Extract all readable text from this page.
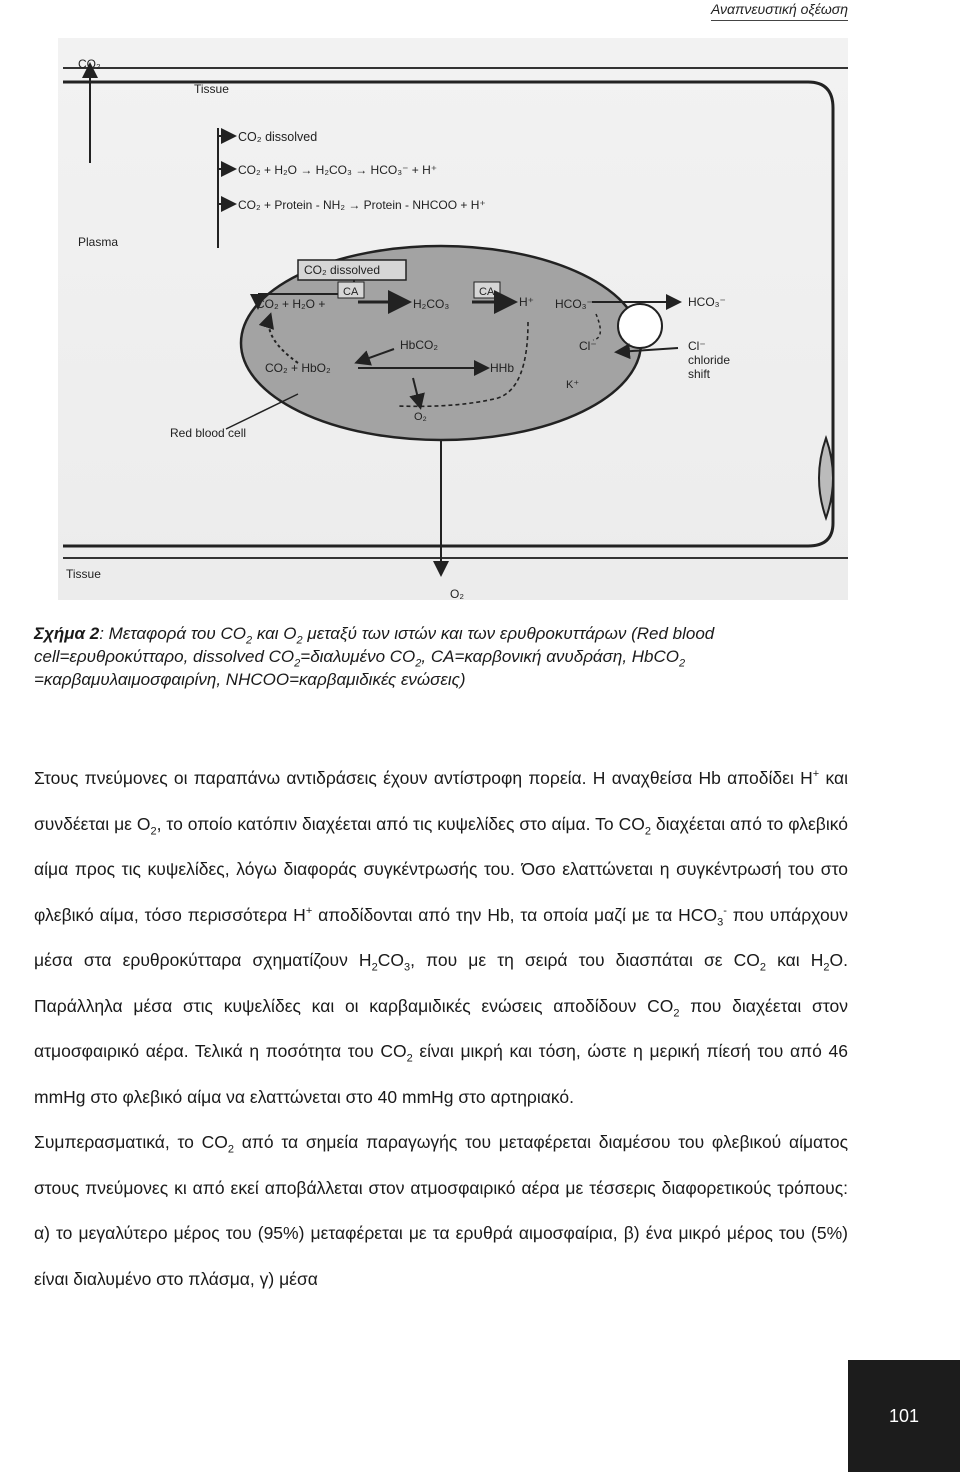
Αναπνευστική οξέωση
CO₂
Tissue
Plasma
Red blood cell
Tissue
O₂
CO₂ dissolved
CO₂ + H₂O → H₂CO₃ → HCO₃⁻ + H⁺
CO₂ + Protein - NH₂ → Protein - NHCOO + H⁺
CO₂ dissolved
CO₂ + H₂O +
CA
H₂CO₃
CA
H⁺ HCO₃⁻
HbCO₂
CO₂ + HbO₂	HHb
Cl⁻
K⁺
O₂
HCO₃⁻
Cl⁻
chloride
shift
Σχήμα 2: Μεταφορά του $CO_2$ και $O_2$ μεταξύ των ιστών και των ερυθροκυττάρων (Red blood cell=ερυθροκύτταρο, dissolved $CO_2=\delta\iota\alpha\lambda\upsilon\mu έ\nu o$ $CO_2$, CA=καρβονική ανυδράση, HbCO$_2$ =καρβαμυλαιμοσφαιρίνη, NHCOO=καρβαμιδικές ενώσεις)

Στους πνεύμονες οι παραπάνω αντιδράσεις έχουν αντίστροφη πορεία. Η αναχθείσα Hb αποδίδει H+ και συνδέεται με $O_2$, το οποίο κατόπιν διαχέεται από τις κυψελίδες στο αίμα. Το $CO_2$ διαχέεται από το φλεβικό αίμα προς τις κυψελίδες, λόγω διαφοράς συγκέντρωσής του. Όσο ελαττώνεται η συγκέντρωσή του στο φλεβικό αίμα, τόσο περισσότερα H+ αποδίδονται από την Hb, τα οποία μαζί με τα $HCO_3^-$ που υπάρχουν μέσα στα ερυθροκύτταρα σχηματίζουν $H_2CO_3$, που με τη σειρά του διασπάται σε $CO_2$ και $H_2O$. Παράλληλα μέσα στις κυψελίδες και οι καρβαμιδικές ενώσεις αποδίδουν $CO_2$ που διαχέεται στον ατμοσφαιρικό αέρα. Τελικά η ποσότητα του $CO_2$ είναι μικρή και τόση, ώστε η μερική πίεσή του από 46 mmHg στο φλεβικό αίμα να ελαττώνεται στο 40 mmHg στο αρτηριακό.

Συμπερασματικά, το $CO_2$ από τα σημεία παραγωγής του μεταφέρεται διαμέσου του φλεβικού αίματος στους πνεύμονες κι από εκεί αποβάλλεται στον ατμοσφαιρικό αέρα με τέσσερις διαφορετικούς τρόπους: α) το μεγαλύτερο μέρος του (95%) μεταφέρεται με τα ερυθρά αιμοσφαίρια, β) ένα μικρό μέρος του (5%) είναι διαλυμένο στο πλάσμα, γ) μέσα

101
